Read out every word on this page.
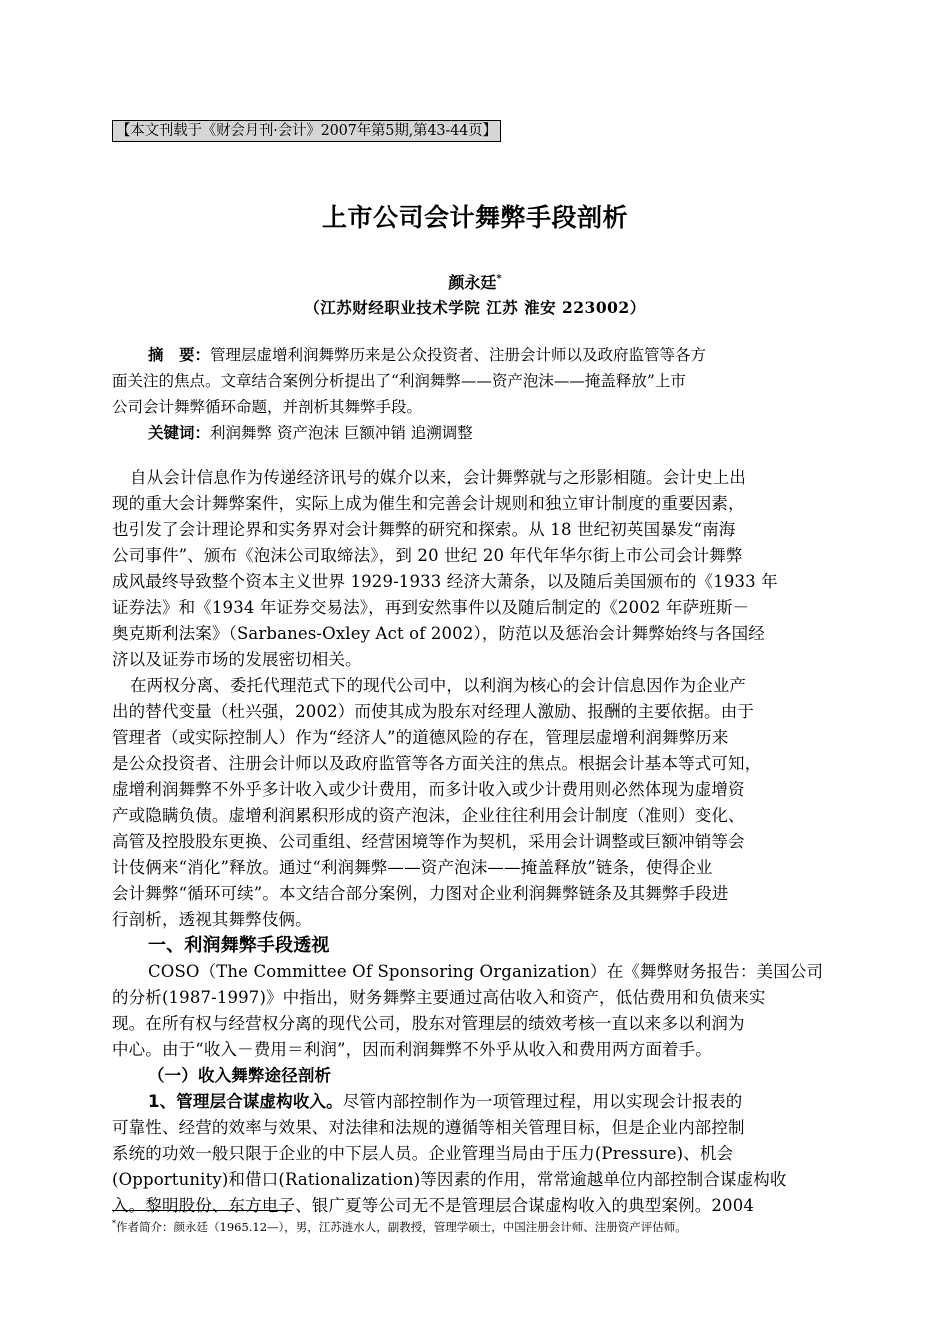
【本文刊载于《财会月刊·会计》2007年第5期,第43-44页】
上市公司会计舞弊手段剖析
颜永廷*
（江苏财经职业技术学院 江苏 淮安 223002）
摘　要：管理层虚增利润舞弊历来是公众投资者、注册会计师以及政府监管等各方
面关注的焦点。文章结合案例分析提出了“利润舞弊——资产泡沫——掩盖释放”上市
公司会计舞弊循环命题，并剖析其舞弊手段。
关键词：利润舞弊 资产泡沫 巨额冲销 追溯调整
自从会计信息作为传递经济讯号的媒介以来，会计舞弊就与之形影相随。会计史上出
现的重大会计舞弊案件，实际上成为催生和完善会计规则和独立审计制度的重要因素，
也引发了会计理论界和实务界对会计舞弊的研究和探索。从 18 世纪初英国暴发“南海
公司事件”、颁布《泡沫公司取缔法》，到 20 世纪 20 年代年华尔街上市公司会计舞弊
成风最终导致整个资本主义世界 1929-1933 经济大萧条，以及随后美国颁布的《1933 年
证券法》和《1934 年证券交易法》，再到安然事件以及随后制定的《2002 年萨班斯－
奥克斯利法案》（Sarbanes-Oxley Act of 2002），防范以及惩治会计舞弊始终与各国经
济以及证券市场的发展密切相关。
在两权分离、委托代理范式下的现代公司中，以利润为核心的会计信息因作为企业产
出的替代变量（杜兴强，2002）而使其成为股东对经理人激励、报酬的主要依据。由于
管理者（或实际控制人）作为“经济人”的道德风险的存在，管理层虚增利润舞弊历来
是公众投资者、注册会计师以及政府监管等各方面关注的焦点。根据会计基本等式可知，
虚增利润舞弊不外乎多计收入或少计费用，而多计收入或少计费用则必然体现为虚增资
产或隐瞒负债。虚增利润累积形成的资产泡沫，企业往往利用会计制度（准则）变化、
高管及控股股东更换、公司重组、经营困境等作为契机，采用会计调整或巨额冲销等会
计伎俩来“消化”释放。通过“利润舞弊——资产泡沫——掩盖释放”链条，使得企业
会计舞弊“循环可续”。本文结合部分案例，力图对企业利润舞弊链条及其舞弊手段进
行剖析，透视其舞弊伎俩。
一、利润舞弊手段透视
COSO（The Committee Of Sponsoring Organization）在《舞弊财务报告：美国公司
的分析(1987-1997)》中指出，财务舞弊主要通过高估收入和资产，低估费用和负债来实
现。在所有权与经营权分离的现代公司，股东对管理层的绩效考核一直以来多以利润为
中心。由于“收入－费用＝利润”，因而利润舞弊不外乎从收入和费用两方面着手。
（一）收入舞弊途径剖析
1、管理层合谋虚构收入。尽管内部控制作为一项管理过程，用以实现会计报表的
可靠性、经营的效率与效果、对法律和法规的遵循等相关管理目标，但是企业内部控制
系统的功效一般只限于企业的中下层人员。企业管理当局由于压力(Pressure)、机会
(Opportunity)和借口(Rationalization)等因素的作用，常常逾越单位内部控制合谋虚构收
入。黎明股份、东方电子、银广夏等公司无不是管理层合谋虚构收入的典型案例。2004
*作者简介：颜永廷（1965.12—），男，江苏涟水人，副教授，管理学硕士，中国注册会计师、注册资产评估师。
